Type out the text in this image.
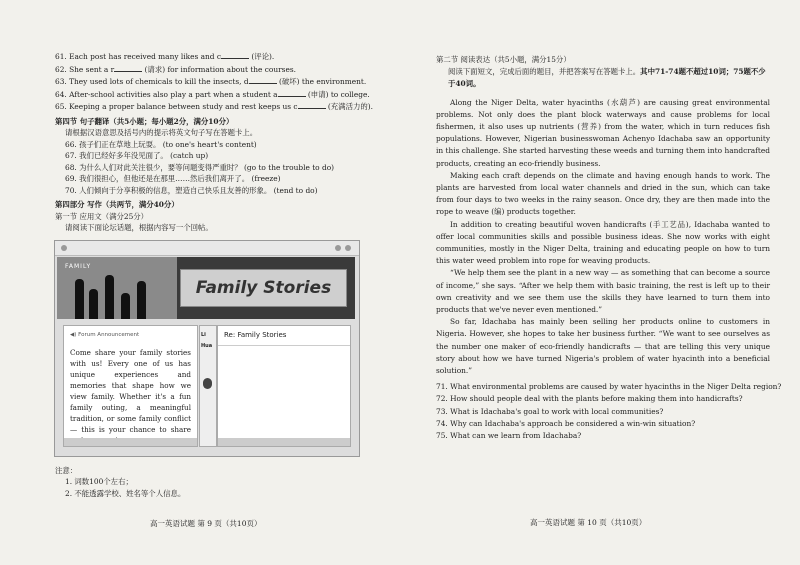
61. Each post has received many likes and c	(评论).
62. She sent a r	(请求) for information about the courses.
63. They used lots of chemicals to kill the insects, d	(破坏) the environment.
64. After-school activities also play a part when a student a	(申请) to college.
65. Keeping a proper balance between study and rest keeps us c	(充满活力的).
第四节 句子翻译（共5小题；每小题2分，满分10分）
请根据汉语意思及括号内的提示将英文句子写在答题卡上。
66. 孩子们正在草地上玩耍。 (to one's heart's content)
67. 我们已经好多年没见面了。 (catch up)
68. 为什么人们对此关注很少，要等问题变得严重时？ (go to the trouble to do)
69. 我们很担心，但他还是在那里……然后我们离开了。 (freeze)
70. 人们倾向于分享积极的信息，塑造自己快乐且友善的形象。 (tend to do)
第四部分 写作（共两节，满分40分）
第一节 应用文（满分25分）
请阅读下面论坛话题，根据内容写一个回帖。
FAMILY
Family Stories
◀) Forum Announcement
Come share your family stories with us! Every one of us has unique experiences and memories that shape how we view family. Whether it's a fun family outing, a meaningful tradition, or some family conflict — this is your chance to share
Li Hua
Re: Family Stories
注意：
1. 词数100个左右；
2. 不能透露学校、姓名等个人信息。
高一英语试题 第 9 页（共10页）
第二节 阅读表达（共5小题，满分15分）
阅读下面短文，完成后面的题目，并把答案写在答题卡上。其中71-74题不超过10词；75题不少于40词。

Along the Niger Delta, water hyacinths (水葫芦) are causing great environmental problems. Not only does the plant block waterways and cause problems for local fishermen, it also uses up nutrients (营养) from the water, which in turn reduces fish populations. However, Nigerian businesswoman Achenyo Idachaba saw an opportunity in this challenge. She started harvesting these weeds and turning them into handcrafted products, creating an eco-friendly business.

Making each craft depends on the climate and having enough hands to work. The plants are harvested from local water channels and dried in the sun, which can take from four days to two weeks in the rainy season. Once dry, they are then made into the rope to weave (编) products together.

In addition to creating beautiful woven handicrafts (手工艺品), Idachaba wanted to offer local communities skills and possible business ideas. She now works with eight communities, mostly in the Niger Delta, training and educating people on how to turn this water weed problem into rope for weaving products.

“We help them see the plant in a new way — as something that can become a source of income,” she says. “After we help them with basic training, the rest is left up to their own creativity and we see them use the skills they have learned to turn them into products that we've never even mentioned.”

So far, Idachaba has mainly been selling her products online to customers in Nigeria. However, she hopes to take her business further. “We want to see ourselves as the number one maker of eco-friendly handicrafts — that are telling this very unique story about how we have turned Nigeria's problem of water hyacinth into a beneficial solution.”

71. What environmental problems are caused by water hyacinths in the Niger Delta region?
72. How should people deal with the plants before making them into handicrafts?
73. What is Idachaba's goal to work with local communities?
74. Why can Idachaba's approach be considered a win-win situation?
75. What can we learn from Idachaba?
高一英语试题 第 10 页（共10页）
